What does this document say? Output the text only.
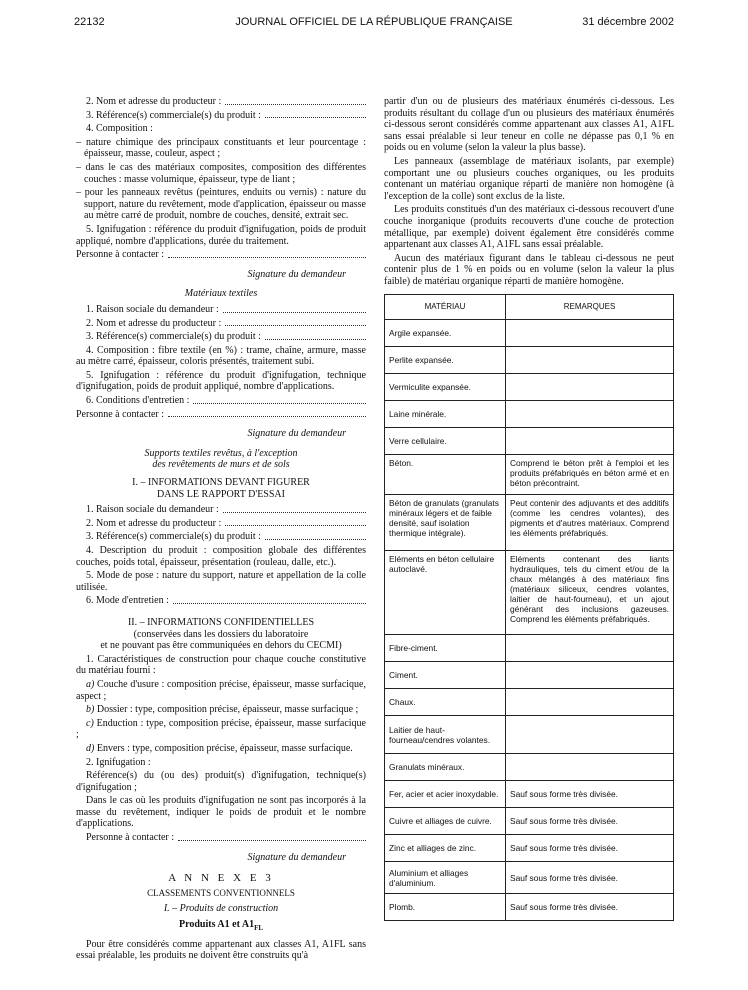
22132	JOURNAL OFFICIEL DE LA RÉPUBLIQUE FRANÇAISE	31 décembre 2002
2. Nom et adresse du producteur :
3. Référence(s) commerciale(s) du produit :
4. Composition :
– nature chimique des principaux constituants et leur pourcentage : épaisseur, masse, couleur, aspect ;
– dans le cas des matériaux composites, composition des différentes couches : masse volumique, épaisseur, type de liant ;
– pour les panneaux revêtus (peintures, enduits ou vernis) : nature du support, nature du revêtement, mode d'application, épaisseur ou masse au mètre carré de produit, nombre de couches, densité, extrait sec.
5. Ignifugation : référence du produit d'ignifugation, poids de produit appliqué, nombre d'applications, durée du traitement.
Personne à contacter :
Signature du demandeur
Matériaux textiles
1. Raison sociale du demandeur :
2. Nom et adresse du producteur :
3. Référence(s) commerciale(s) du produit :
4. Composition : fibre textile (en %) : trame, chaîne, armure, masse au mètre carré, épaisseur, coloris présentés, traitement subi.
5. Ignifugation : référence du produit d'ignifugation, technique d'ignifugation, poids de produit appliqué, nombre d'applications.
6. Conditions d'entretien :
Personne à contacter :
Signature du demandeur
Supports textiles revêtus, à l'exception
des revêtements de murs et de sols
I. – INFORMATIONS DEVANT FIGURER
DANS LE RAPPORT D'ESSAI
1. Raison sociale du demandeur :
2. Nom et adresse du producteur :
3. Référence(s) commerciale(s) du produit :
4. Description du produit : composition globale des différentes couches, poids total, épaisseur, présentation (rouleau, dalle, etc.).
5. Mode de pose : nature du support, nature et appellation de la colle utilisée.
6. Mode d'entretien :
II. – INFORMATIONS CONFIDENTIELLES
(conservées dans les dossiers du laboratoire
et ne pouvant pas être communiquées en dehors du CECMI)
1. Caractéristiques de construction pour chaque couche constitutive du matériau fourni :
a) Couche d'usure : composition précise, épaisseur, masse surfacique, aspect ;
b) Dossier : type, composition précise, épaisseur, masse surfacique ;
c) Enduction : type, composition précise, épaisseur, masse surfacique ;
d) Envers : type, composition précise, épaisseur, masse surfacique.
2. Ignifugation :
Référence(s) du (ou des) produit(s) d'ignifugation, technique(s) d'ignifugation ;
Dans le cas où les produits d'ignifugation ne sont pas incorporés à la masse du revêtement, indiquer le poids de produit et le nombre d'applications.
Personne à contacter :
Signature du demandeur
A N N E X E 3
CLASSEMENTS CONVENTIONNELS
I. – Produits de construction
Produits A1 et $A1_{FL}$
Pour être considérés comme appartenant aux classes A1, A1FL sans essai préalable, les produits ne doivent être construits qu'à
partir d'un ou de plusieurs des matériaux énumérés ci-dessous. Les produits résultant du collage d'un ou plusieurs des matériaux énumérés ci-dessous seront considérés comme appartenant aux classes A1, A1FL sans essai préalable si leur teneur en colle ne dépasse pas 0,1 % en poids ou en volume (selon la valeur la plus basse).
Les panneaux (assemblage de matériaux isolants, par exemple) comportant une ou plusieurs couches organiques, ou les produits contenant un matériau organique réparti de manière non homogène (à l'exception de la colle) sont exclus de la liste.
Les produits constitués d'un des matériaux ci-dessous recouvert d'une couche inorganique (produits recouverts d'une couche de protection métallique, par exemple) doivent également être considérés comme appartenant aux classes A1, A1FL sans essai préalable.
Aucun des matériaux figurant dans le tableau ci-dessous ne peut contenir plus de 1 % en poids ou en volume (selon la valeur la plus faible) de matériau organique réparti de manière homogène.
MATÉRIAU	REMARQUES
Argile expansée.	
Perlite expansée.	
Vermiculite expansée.	
Laine minérale.	
Verre cellulaire.	
Béton.	Comprend le béton prêt à l'emploi et les produits préfabriqués en béton armé et en béton précontraint.
Béton de granulats (granulats minéraux légers et de faible densité, sauf isolation thermique intégrale).	Peut contenir des adjuvants et des additifs (comme les cendres volantes), des pigments et d'autres matériaux. Comprend les éléments préfabriqués.
Eléments en béton cellulaire autoclavé.	Eléments contenant des liants hydrauliques, tels du ciment et/ou de la chaux mélangés à des matériaux fins (matériaux siliceux, cendres volantes, laitier de haut-fourneau), et un ajout générant des inclusions gazeuses. Comprend les éléments préfabriqués.
Fibre-ciment.	
Ciment.	
Chaux.	
Laitier de haut-fourneau/cendres volantes.	
Granulats minéraux.	
Fer, acier et acier inoxydable.	Sauf sous forme très divisée.
Cuivre et alliages de cuivre.	Sauf sous forme très divisée.
Zinc et alliages de zinc.	Sauf sous forme très divisée.
Aluminium et alliages d'aluminium.	Sauf sous forme très divisée.
Plomb.	Sauf sous forme très divisée.
